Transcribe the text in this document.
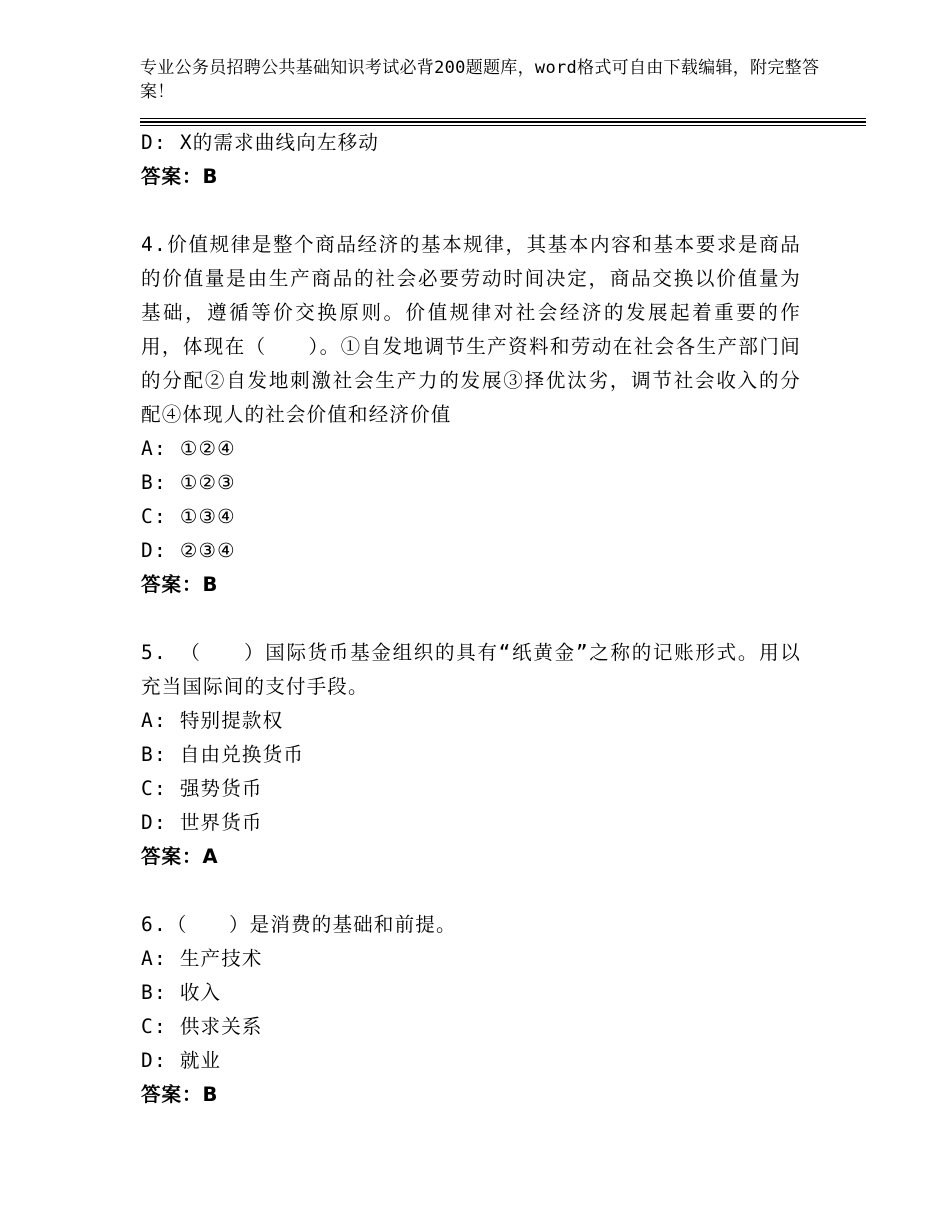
专业公务员招聘公共基础知识考试必背200题题库，word格式可自由下载编辑，附完整答案！

D: X的需求曲线向左移动

答案：B

4.价值规律是整个商品经济的基本规律，其基本内容和基本要求是商品的价值量是由生产商品的社会必要劳动时间决定，商品交换以价值量为基础，遵循等价交换原则。价值规律对社会经济的发展起着重要的作用，体现在（　　）。①自发地调节生产资料和劳动在社会各生产部门间的分配②自发地刺激社会生产力的发展③择优汰劣，调节社会收入的分配④体现人的社会价值和经济价值

A: ①②④

B: ①②③

C: ①③④

D: ②③④

答案：B

5. （　　）国际货币基金组织的具有“纸黄金”之称的记账形式。用以充当国际间的支付手段。

A: 特别提款权

B: 自由兑换货币

C: 强势货币

D: 世界货币

答案：A

6.（　　）是消费的基础和前提。

A: 生产技术

B: 收入

C: 供求关系

D: 就业

答案：B
